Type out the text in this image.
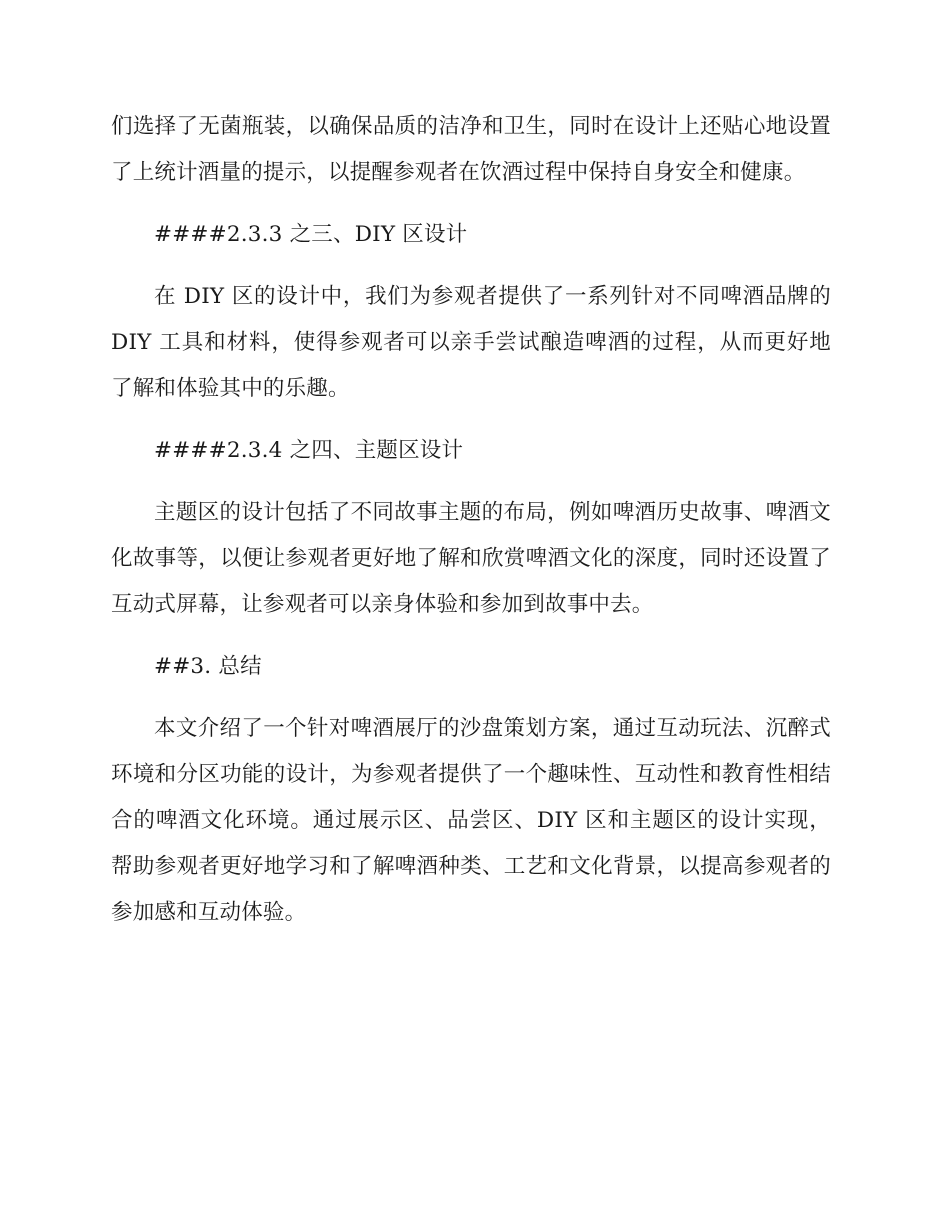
们选择了无菌瓶装，以确保品质的洁净和卫生，同时在设计上还贴心地设置了上统计酒量的提示，以提醒参观者在饮酒过程中保持自身安全和健康。

####2.3.3 之三、DIY 区设计

在 DIY 区的设计中，我们为参观者提供了一系列针对不同啤酒品牌的 DIY 工具和材料，使得参观者可以亲手尝试酿造啤酒的过程，从而更好地了解和体验其中的乐趣。

####2.3.4 之四、主题区设计

主题区的设计包括了不同故事主题的布局，例如啤酒历史故事、啤酒文化故事等，以便让参观者更好地了解和欣赏啤酒文化的深度，同时还设置了互动式屏幕，让参观者可以亲身体验和参加到故事中去。

##3. 总结

本文介绍了一个针对啤酒展厅的沙盘策划方案，通过互动玩法、沉醉式环境和分区功能的设计，为参观者提供了一个趣味性、互动性和教育性相结合的啤酒文化环境。通过展示区、品尝区、DIY 区和主题区的设计实现，帮助参观者更好地学习和了解啤酒种类、工艺和文化背景，以提高参观者的参加感和互动体验。
